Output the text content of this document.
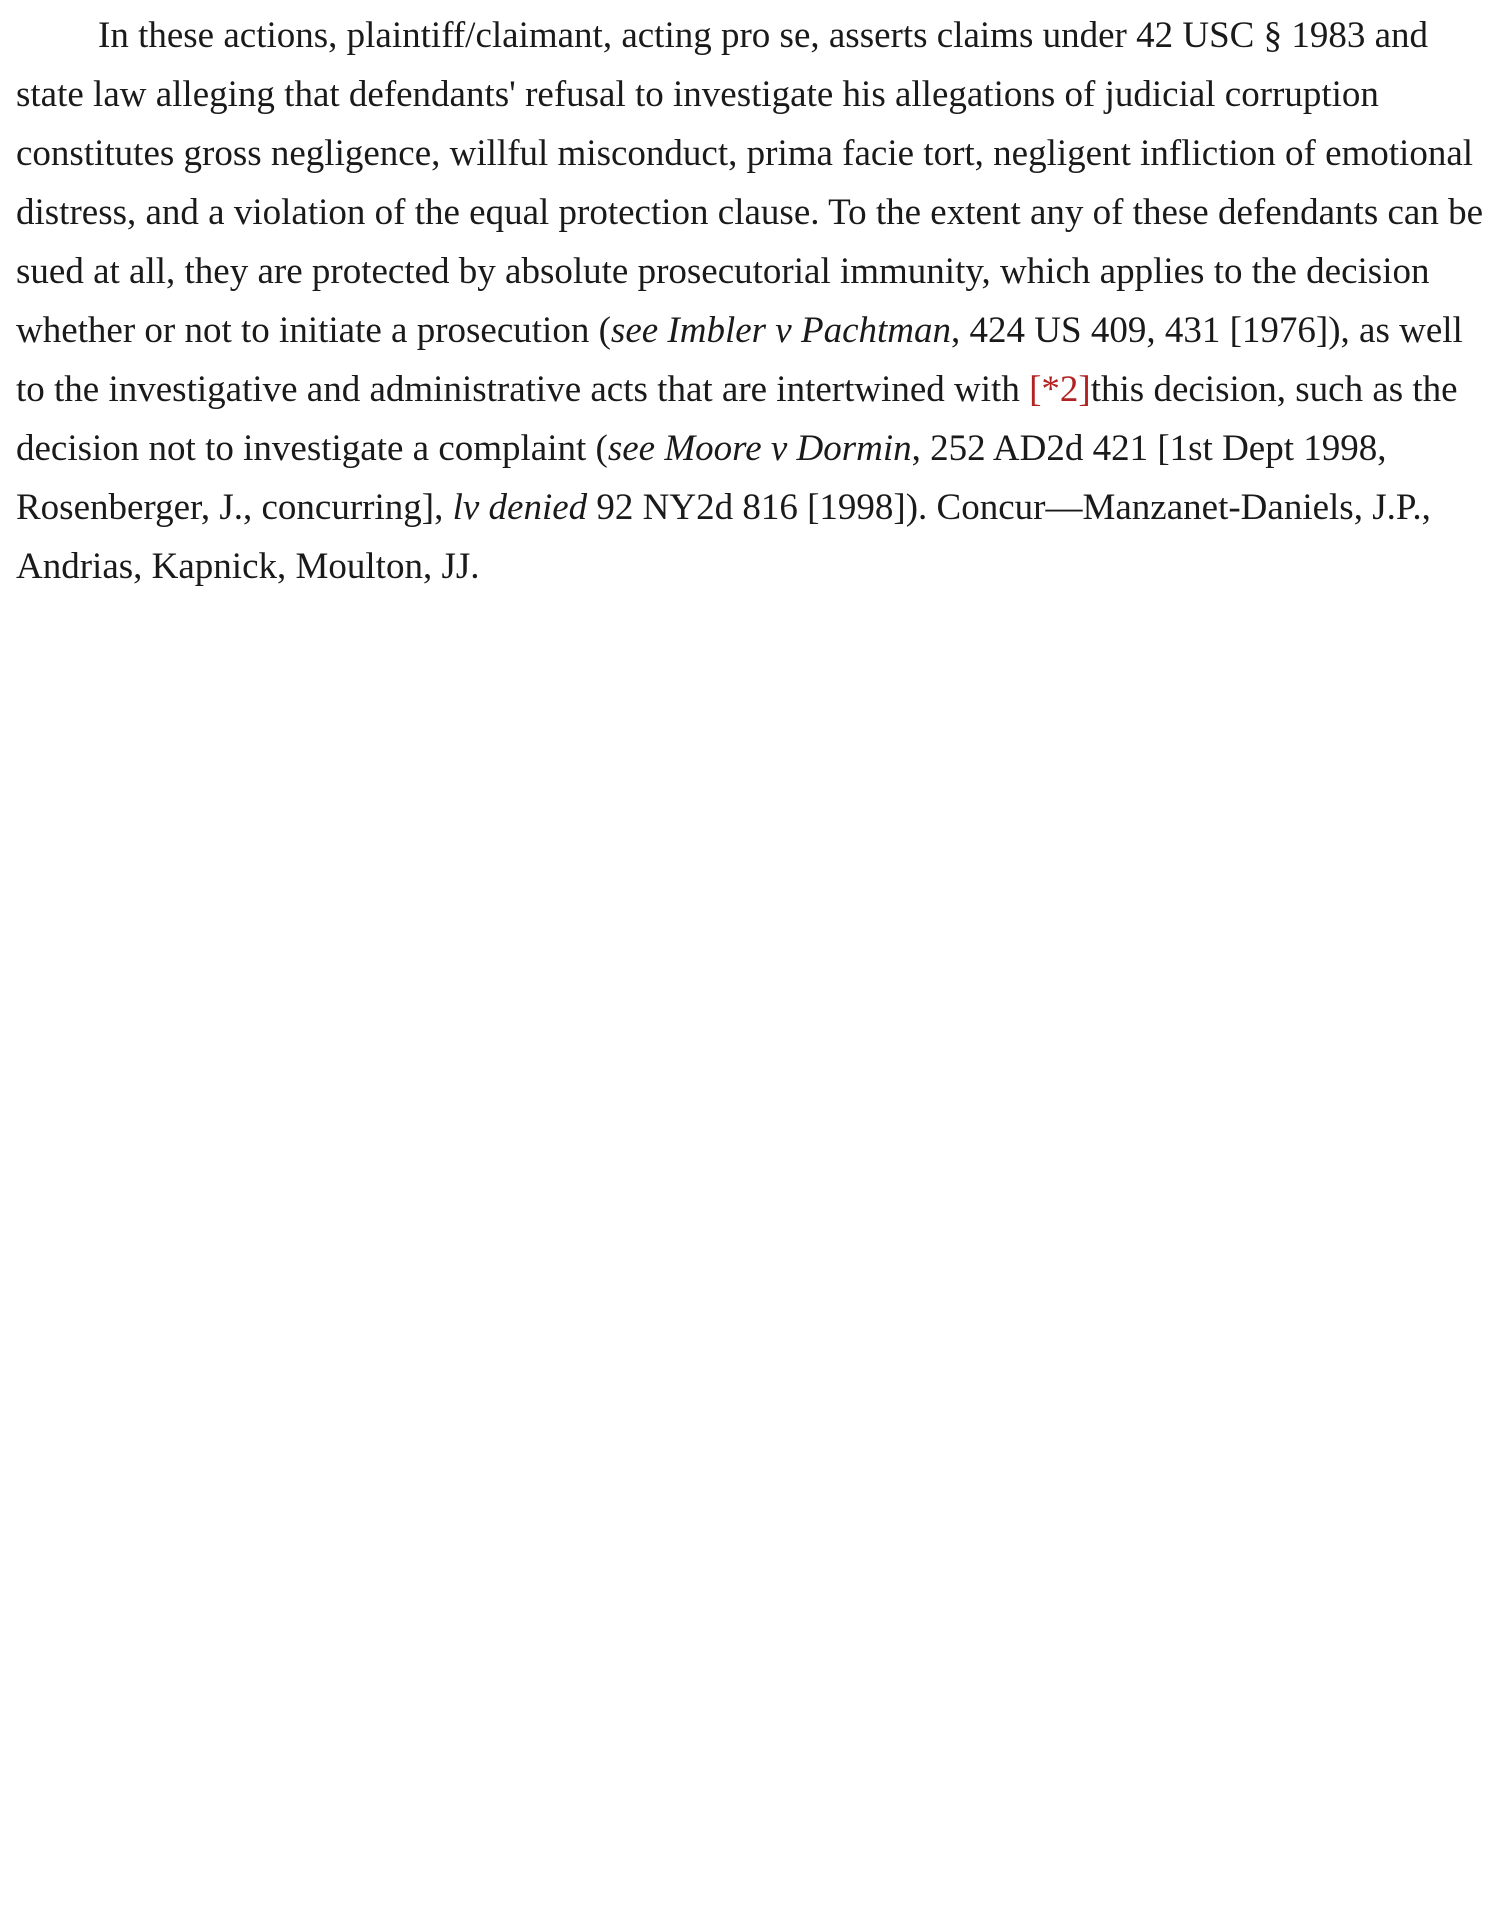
In these actions, plaintiff/claimant, acting pro se, asserts claims under 42 USC § 1983 and state law alleging that defendants' refusal to investigate his allegations of judicial corruption constitutes gross negligence, willful misconduct, prima facie tort, negligent infliction of emotional distress, and a violation of the equal protection clause. To the extent any of these defendants can be sued at all, they are protected by absolute prosecutorial immunity, which applies to the decision whether or not to initiate a prosecution (see Imbler v Pachtman, 424 US 409, 431 [1976]), as well to the investigative and administrative acts that are intertwined with [*2]this decision, such as the decision not to investigate a complaint (see Moore v Dormin, 252 AD2d 421 [1st Dept 1998, Rosenberger, J., concurring], lv denied 92 NY2d 816 [1998]). Concur—Manzanet-Daniels, J.P., Andrias, Kapnick, Moulton, JJ.
